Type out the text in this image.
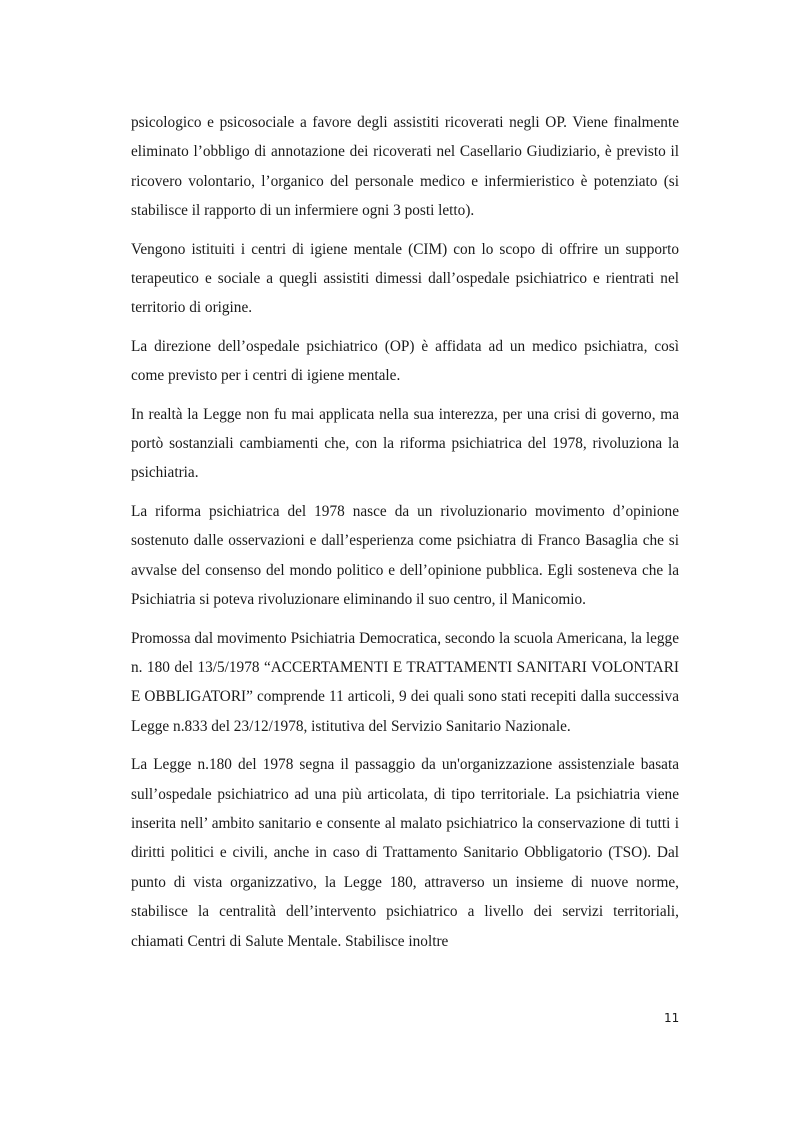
psicologico e psicosociale a favore degli assistiti ricoverati negli OP. Viene finalmente eliminato l’obbligo di annotazione dei ricoverati nel Casellario Giudiziario, è previsto il ricovero volontario, l’organico del personale medico e infermieristico è potenziato (si stabilisce il rapporto di un infermiere ogni 3 posti letto).

Vengono istituiti i centri di igiene mentale (CIM) con lo scopo di offrire un supporto terapeutico e sociale a quegli assistiti dimessi dall’ospedale psichiatrico e rientrati nel territorio di origine.

La direzione dell’ospedale psichiatrico (OP) è affidata ad un medico psichiatra, così come previsto per i centri di igiene mentale.

In realtà la Legge non fu mai applicata nella sua interezza, per una crisi di governo, ma portò sostanziali cambiamenti che, con la riforma psichiatrica del 1978, rivoluziona la psichiatria.

La riforma psichiatrica del 1978 nasce da un rivoluzionario movimento d’opinione sostenuto dalle osservazioni e dall’esperienza come psichiatra di Franco Basaglia che si avvalse del consenso del mondo politico e dell’opinione pubblica. Egli sosteneva che la Psichiatria si poteva rivoluzionare eliminando il suo centro, il Manicomio.

Promossa dal movimento Psichiatria Democratica, secondo la scuola Americana, la legge n. 180 del 13/5/1978 “ACCERTAMENTI E TRATTAMENTI SANITARI VOLONTARI E OBBLIGATORI” comprende 11 articoli, 9 dei quali sono stati recepiti dalla successiva Legge n.833 del 23/12/1978, istitutiva del Servizio Sanitario Nazionale.

La Legge n.180 del 1978 segna il passaggio da un'organizzazione assistenziale basata sull’ospedale psichiatrico ad una più articolata, di tipo territoriale. La psichiatria viene inserita nell’ ambito sanitario e consente al malato psichiatrico la conservazione di tutti i diritti politici e civili, anche in caso di Trattamento Sanitario Obbligatorio (TSO). Dal punto di vista organizzativo, la Legge 180, attraverso un insieme di nuove norme, stabilisce la centralità dell’intervento psichiatrico a livello dei servizi territoriali, chiamati Centri di Salute Mentale. Stabilisce inoltre

11
